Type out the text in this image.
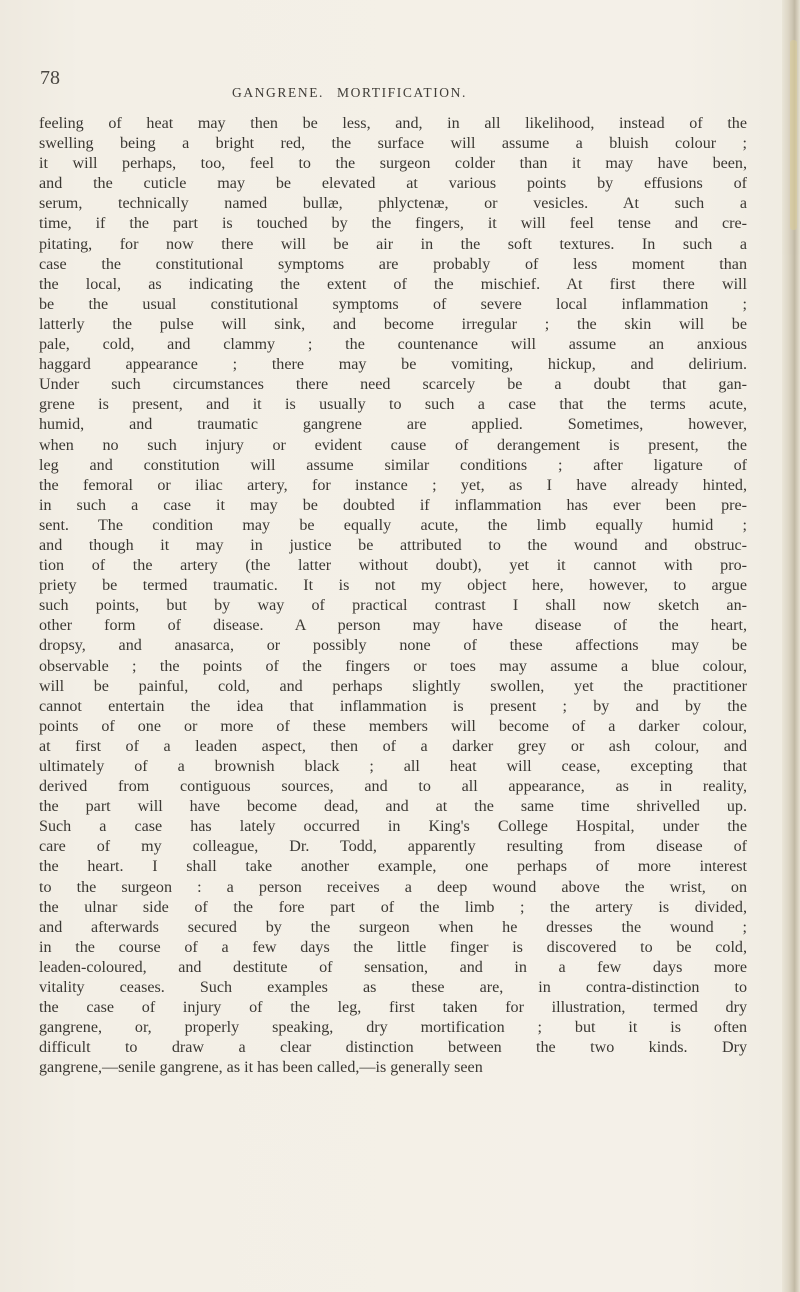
78
GANGRENE. MORTIFICATION.
feeling of heat may then be less, and, in all likelihood, instead of the
swelling being a bright red, the surface will assume a bluish colour ;
it will perhaps, too, feel to the surgeon colder than it may have been,
and the cuticle may be elevated at various points by effusions of
serum, technically named bullæ, phlyctenæ, or vesicles. At such a
time, if the part is touched by the fingers, it will feel tense and cre-
pitating, for now there will be air in the soft textures. In such a
case the constitutional symptoms are probably of less moment than
the local, as indicating the extent of the mischief. At first there will
be the usual constitutional symptoms of severe local inflammation ;
latterly the pulse will sink, and become irregular ; the skin will be
pale, cold, and clammy ; the countenance will assume an anxious
haggard appearance ; there may be vomiting, hickup, and delirium.
Under such circumstances there need scarcely be a doubt that gan-
grene is present, and it is usually to such a case that the terms acute,
humid, and traumatic gangrene are applied. Sometimes, however,
when no such injury or evident cause of derangement is present, the
leg and constitution will assume similar conditions ; after ligature of
the femoral or iliac artery, for instance ; yet, as I have already hinted,
in such a case it may be doubted if inflammation has ever been pre-
sent. The condition may be equally acute, the limb equally humid ;
and though it may in justice be attributed to the wound and obstruc-
tion of the artery (the latter without doubt), yet it cannot with pro-
priety be termed traumatic. It is not my object here, however, to argue
such points, but by way of practical contrast I shall now sketch an-
other form of disease. A person may have disease of the heart,
dropsy, and anasarca, or possibly none of these affections may be
observable ; the points of the fingers or toes may assume a blue colour,
will be painful, cold, and perhaps slightly swollen, yet the practitioner
cannot entertain the idea that inflammation is present ; by and by the
points of one or more of these members will become of a darker colour,
at first of a leaden aspect, then of a darker grey or ash colour, and
ultimately of a brownish black ; all heat will cease, excepting that
derived from contiguous sources, and to all appearance, as in reality,
the part will have become dead, and at the same time shrivelled up.
Such a case has lately occurred in King's College Hospital, under the
care of my colleague, Dr. Todd, apparently resulting from disease of
the heart. I shall take another example, one perhaps of more interest
to the surgeon : a person receives a deep wound above the wrist, on
the ulnar side of the fore part of the limb ; the artery is divided,
and afterwards secured by the surgeon when he dresses the wound ;
in the course of a few days the little finger is discovered to be cold,
leaden-coloured, and destitute of sensation, and in a few days more
vitality ceases. Such examples as these are, in contra-distinction to
the case of injury of the leg, first taken for illustration, termed dry
gangrene, or, properly speaking, dry mortification ; but it is often
difficult to draw a clear distinction between the two kinds. Dry
gangrene,—senile gangrene, as it has been called,—is generally seen
